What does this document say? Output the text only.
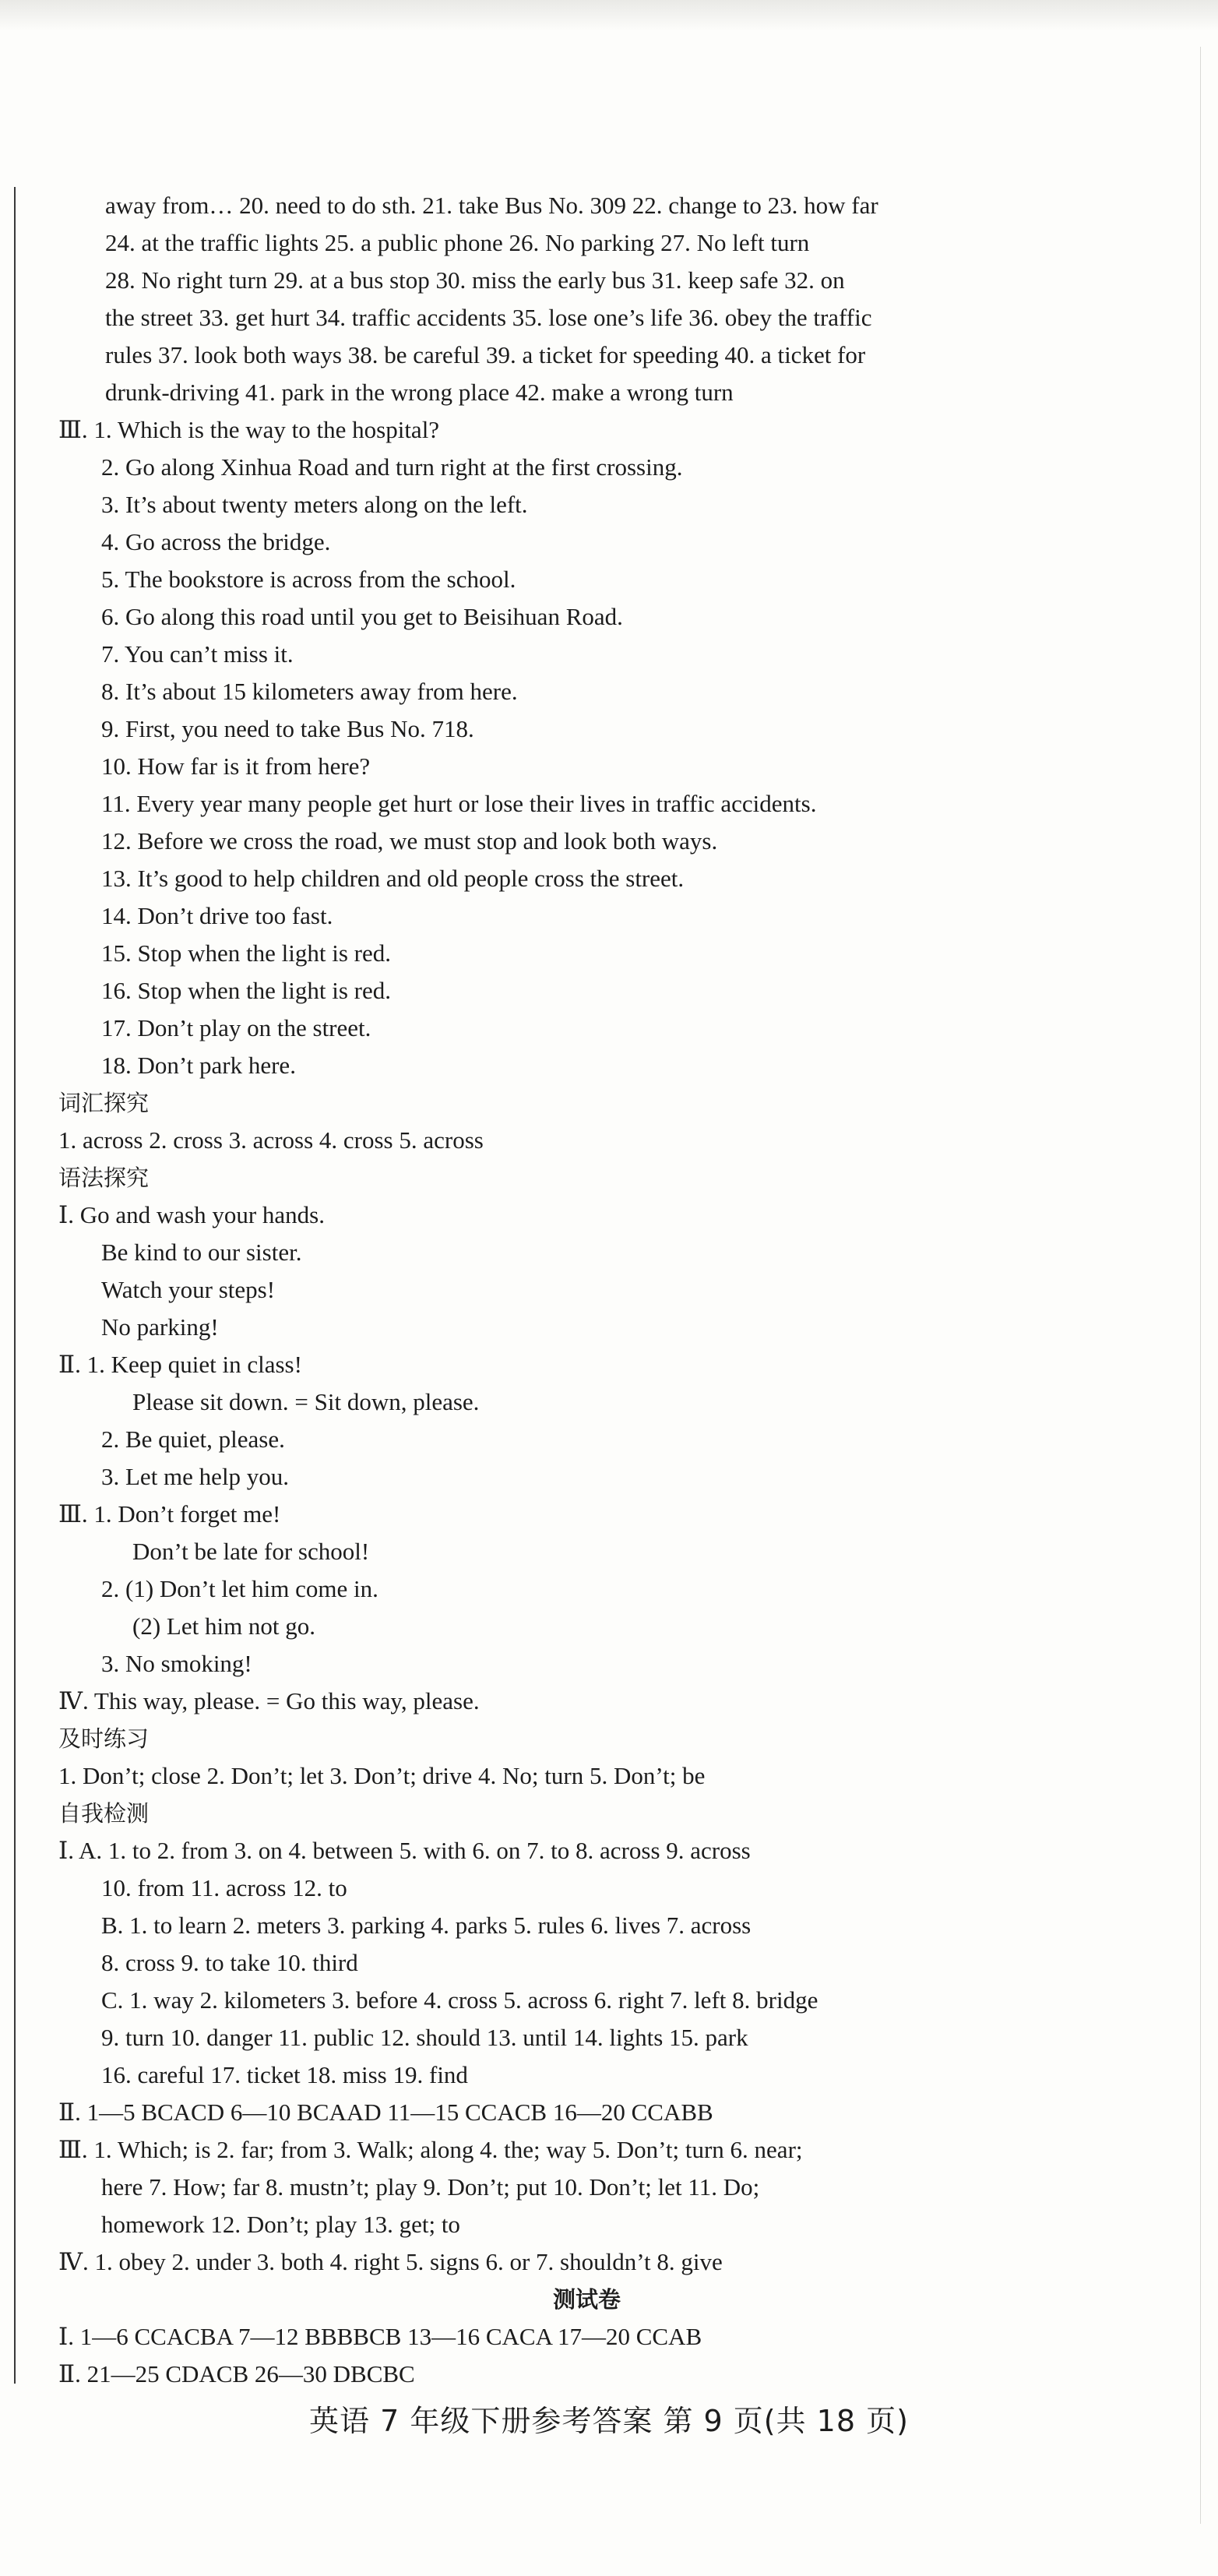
away from… 20. need to do sth. 21. take Bus No. 309 22. change to 23. how far
24. at the traffic lights 25. a public phone 26. No parking 27. No left turn
28. No right turn 29. at a bus stop 30. miss the early bus 31. keep safe 32. on
the street 33. get hurt 34. traffic accidents 35. lose one’s life 36. obey the traffic
rules 37. look both ways 38. be careful 39. a ticket for speeding 40. a ticket for
drunk-driving 41. park in the wrong place 42. make a wrong turn
Ⅲ. 1. Which is the way to the hospital?
2. Go along Xinhua Road and turn right at the first crossing.
3. It’s about twenty meters along on the left.
4. Go across the bridge.
5. The bookstore is across from the school.
6. Go along this road until you get to Beisihuan Road.
7. You can’t miss it.
8. It’s about 15 kilometers away from here.
9. First, you need to take Bus No. 718.
10. How far is it from here?
11. Every year many people get hurt or lose their lives in traffic accidents.
12. Before we cross the road, we must stop and look both ways.
13. It’s good to help children and old people cross the street.
14. Don’t drive too fast.
15. Stop when the light is red.
16. Stop when the light is red.
17. Don’t play on the street.
18. Don’t park here.
词汇探究
1. across 2. cross 3. across 4. cross 5. across
语法探究
Ⅰ. Go and wash your hands.
Be kind to our sister.
Watch your steps!
No parking!
Ⅱ. 1. Keep quiet in class!
Please sit down. = Sit down, please.
2. Be quiet, please.
3. Let me help you.
Ⅲ. 1. Don’t forget me!
Don’t be late for school!
2. (1) Don’t let him come in.
(2) Let him not go.
3. No smoking!
Ⅳ. This way, please. = Go this way, please.
及时练习
1. Don’t; close 2. Don’t; let 3. Don’t; drive 4. No; turn 5. Don’t; be
自我检测
Ⅰ. A. 1. to 2. from 3. on 4. between 5. with 6. on 7. to 8. across 9. across
10. from 11. across 12. to
B. 1. to learn 2. meters 3. parking 4. parks 5. rules 6. lives 7. across
8. cross 9. to take 10. third
C. 1. way 2. kilometers 3. before 4. cross 5. across 6. right 7. left 8. bridge
9. turn 10. danger 11. public 12. should 13. until 14. lights 15. park
16. careful 17. ticket 18. miss 19. find
Ⅱ. 1—5 BCACD 6—10 BCAAD 11—15 CCACB 16—20 CCABB
Ⅲ. 1. Which; is 2. far; from 3. Walk; along 4. the; way 5. Don’t; turn 6. near;
here 7. How; far 8. mustn’t; play 9. Don’t; put 10. Don’t; let 11. Do;
homework 12. Don’t; play 13. get; to
Ⅳ. 1. obey 2. under 3. both 4. right 5. signs 6. or 7. shouldn’t 8. give
测试卷
Ⅰ. 1—6 CCACBA 7—12 BBBBCB 13—16 CACA 17—20 CCAB
Ⅱ. 21—25 CDACB 26—30 DBCBC
英语 7 年级下册参考答案 第 9 页(共 18 页)
